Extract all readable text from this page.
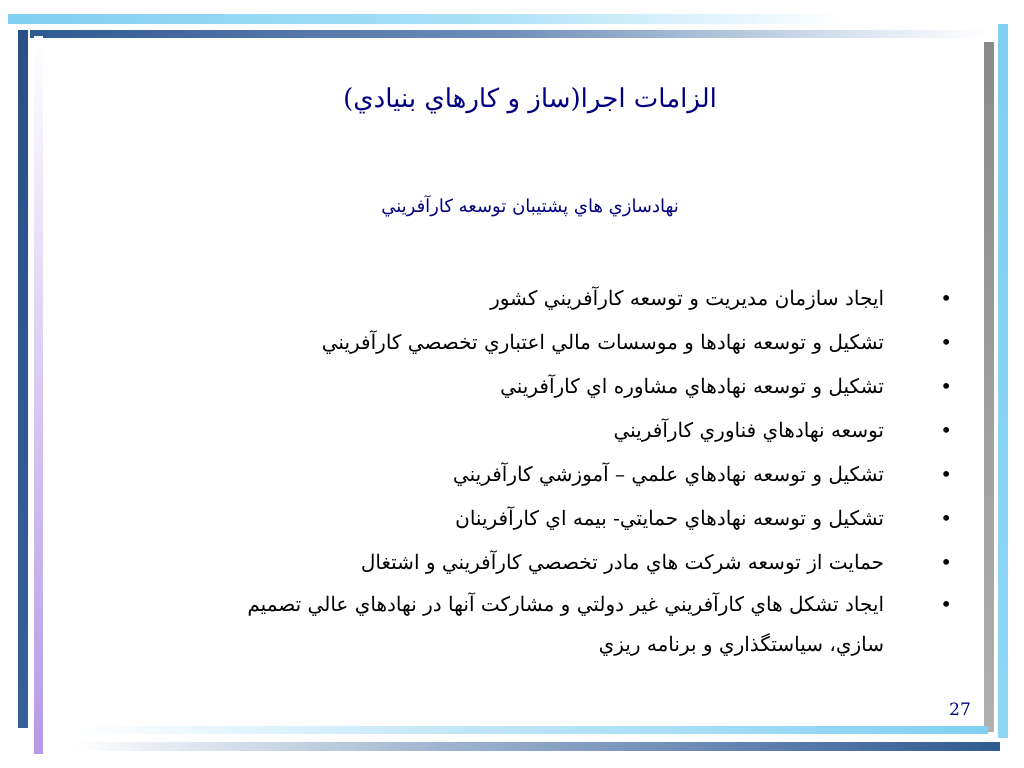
الزامات اجرا(ساز و كارهاي بنيادي)
نهادسازي هاي پشتيبان توسعه كارآفريني
•
ايجاد سازمان مديريت و توسعه كارآفريني كشور
•
تشكيل و توسعه نهادها و موسسات مالي اعتباري تخصصي كارآفريني
•
تشكيل و توسعه نهادهاي مشاوره اي كارآفريني
•
توسعه نهادهاي فناوري كارآفريني
•
تشكيل و توسعه نهادهاي علمي – آموزشي كارآفريني
•
تشكيل و توسعه نهادهاي حمايتي- بيمه اي كارآفرينان
•
حمايت از توسعه شركت هاي مادر تخصصي كارآفريني و اشتغال
•
ايجاد تشكل هاي كارآفريني غير دولتي و مشاركت آنها در نهادهاي عالي تصميم سازي، سياستگذاري و برنامه ريزي
27
